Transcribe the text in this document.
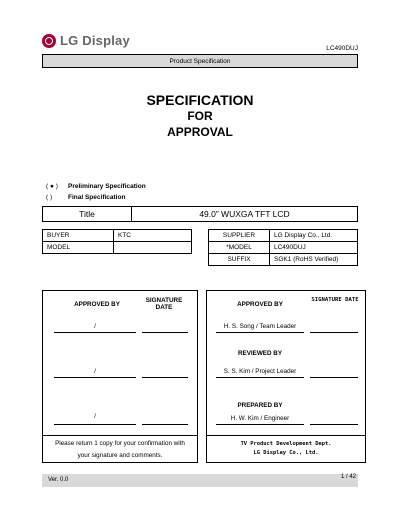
LG Display
LC490DUJ
Product Specification
SPECIFICATION
FOR
APPROVAL
( ● ) Preliminary Specification
( ) Final Specification
Title	49.0” WUXGA TFT LCD
BUYER	KTC
MODEL	
SUPPLIER	LG Display Co., Ltd.
*MODEL	LC490DUJ
SUFFIX	SGK1 (RoHS Verified)
APPROVED BY
SIGNATURE DATE
/
/
/
Please return 1 copy for your confirmation with
your signature and comments.
APPROVED BY
SIGNATURE DATE
H. S. Song / Team Leader
REVIEWED BY
S. S. Kim / Project Leader
PREPARED BY
H. W. Kim / Engineer
TV Product Development Dept.
LG Display Co., Ltd.
Ver. 0.0	1 / 42
